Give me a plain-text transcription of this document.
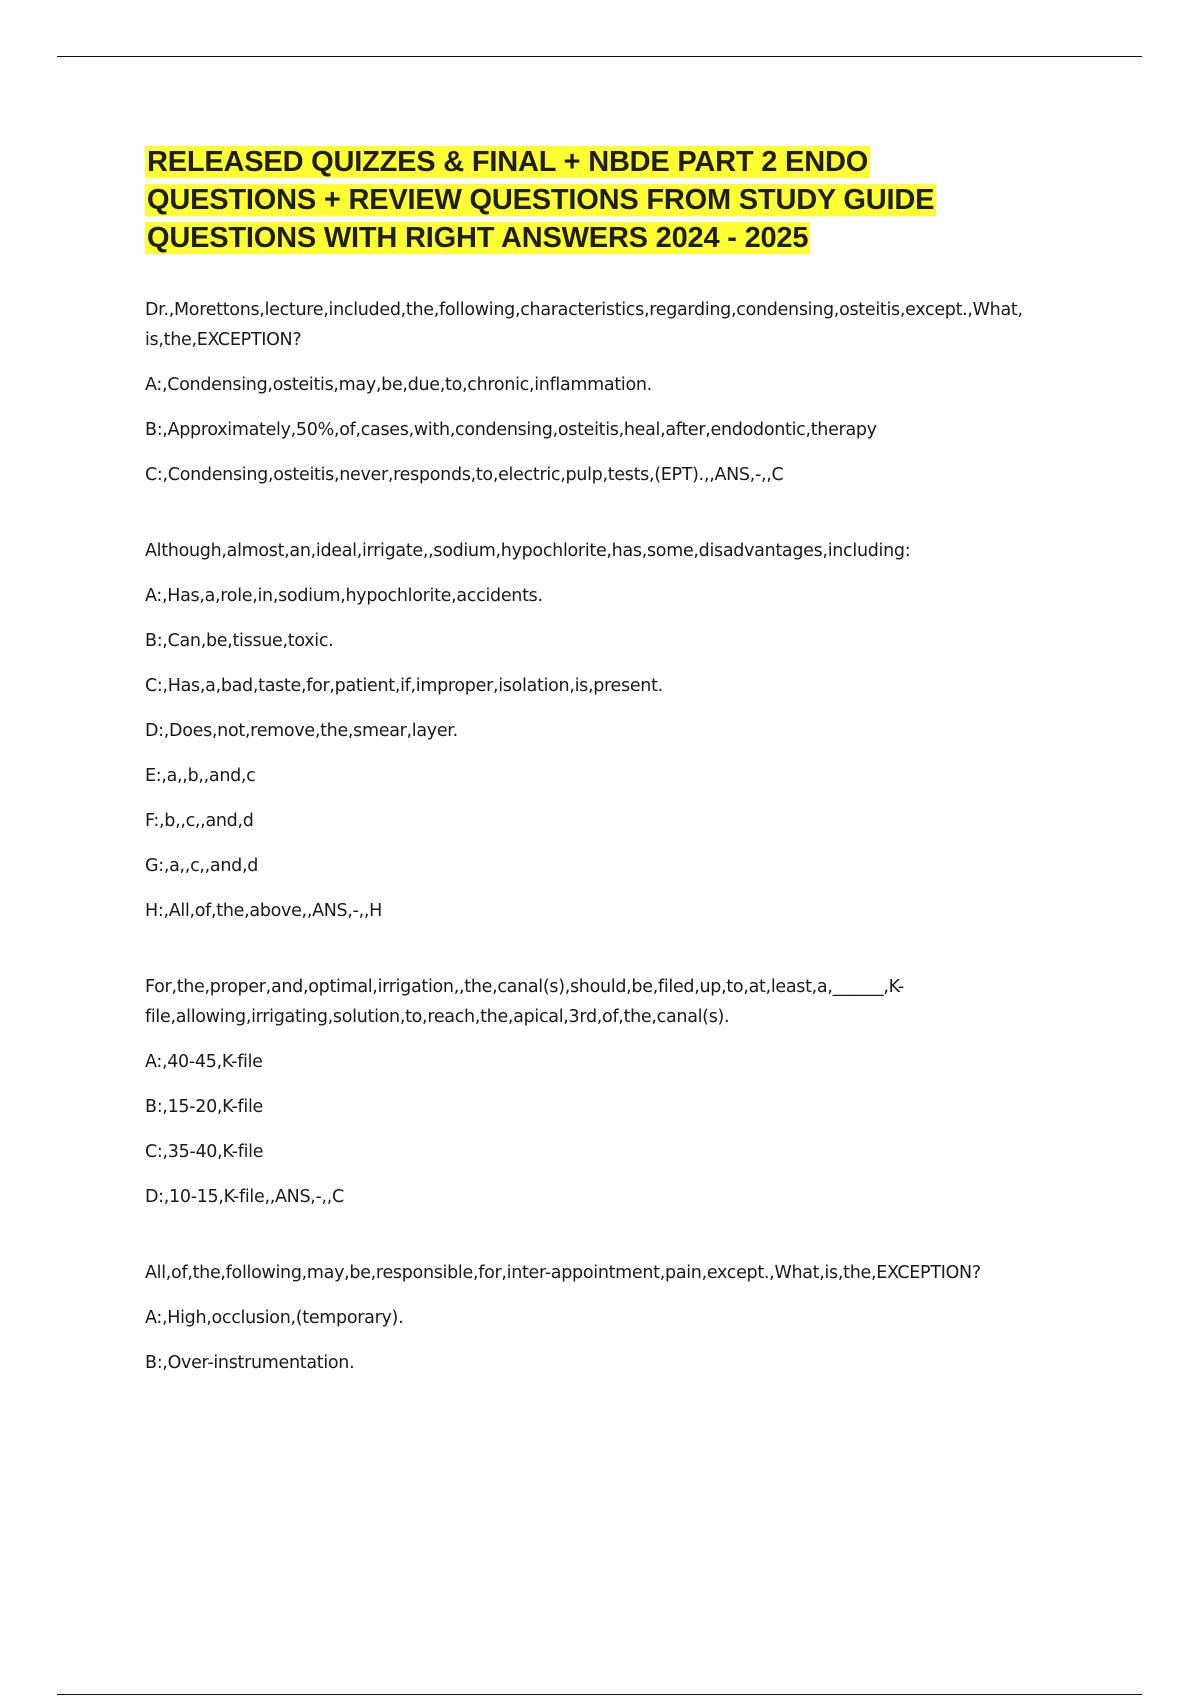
RELEASED QUIZZES & FINAL + NBDE PART 2 ENDO
QUESTIONS + REVIEW QUESTIONS FROM STUDY GUIDE
QUESTIONS WITH RIGHT ANSWERS 2024 - 2025

Dr.,Morettons,lecture,included,the,following,characteristics,regarding,condensing,osteitis,except.,What, is,the,EXCEPTION?

A:,Condensing,osteitis,may,be,due,to,chronic,inflammation.

B:,Approximately,50%,of,cases,with,condensing,osteitis,heal,after,endodontic,therapy

C:,Condensing,osteitis,never,responds,to,electric,pulp,tests,(EPT).,,ANS,-,,C

Although,almost,an,ideal,irrigate,,sodium,hypochlorite,has,some,disadvantages,including:

A:,Has,a,role,in,sodium,hypochlorite,accidents.

B:,Can,be,tissue,toxic.

C:,Has,a,bad,taste,for,patient,if,improper,isolation,is,present.

D:,Does,not,remove,the,smear,layer.

E:,a,,b,,and,c

F:,b,,c,,and,d

G:,a,,c,,and,d

H:,All,of,the,above,,ANS,-,,H

For,the,proper,and,optimal,irrigation,,the,canal(s),should,be,filed,up,to,at,least,a,______,K-file,allowing,irrigating,solution,to,reach,the,apical,3rd,of,the,canal(s).

A:,40-45,K-file

B:,15-20,K-file

C:,35-40,K-file

D:,10-15,K-file,,ANS,-,,C

All,of,the,following,may,be,responsible,for,inter-appointment,pain,except.,What,is,the,EXCEPTION?

A:,High,occlusion,(temporary).

B:,Over-instrumentation.
